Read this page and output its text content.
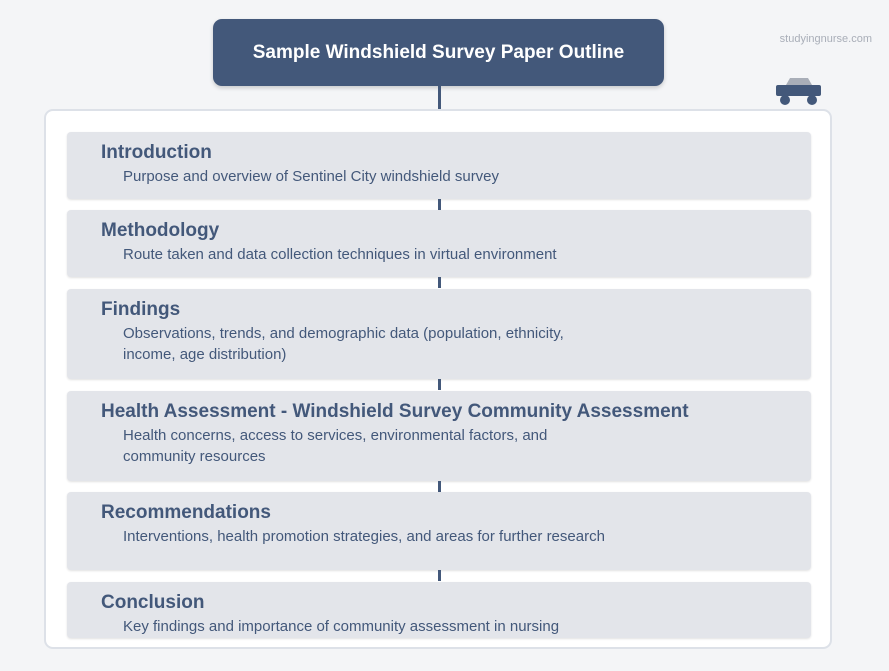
Sample Windshield Survey Paper Outline
studyingnurse.com
Introduction

Purpose and overview of Sentinel City windshield survey

Methodology

Route taken and data collection techniques in virtual environment

Findings

Observations, trends, and demographic data (population, ethnicity, income, age distribution)

Health Assessment - Windshield Survey Community Assessment

Health concerns, access to services, environmental factors, and community resources

Recommendations

Interventions, health promotion strategies, and areas for further research

Conclusion

Key findings and importance of community assessment in nursing
